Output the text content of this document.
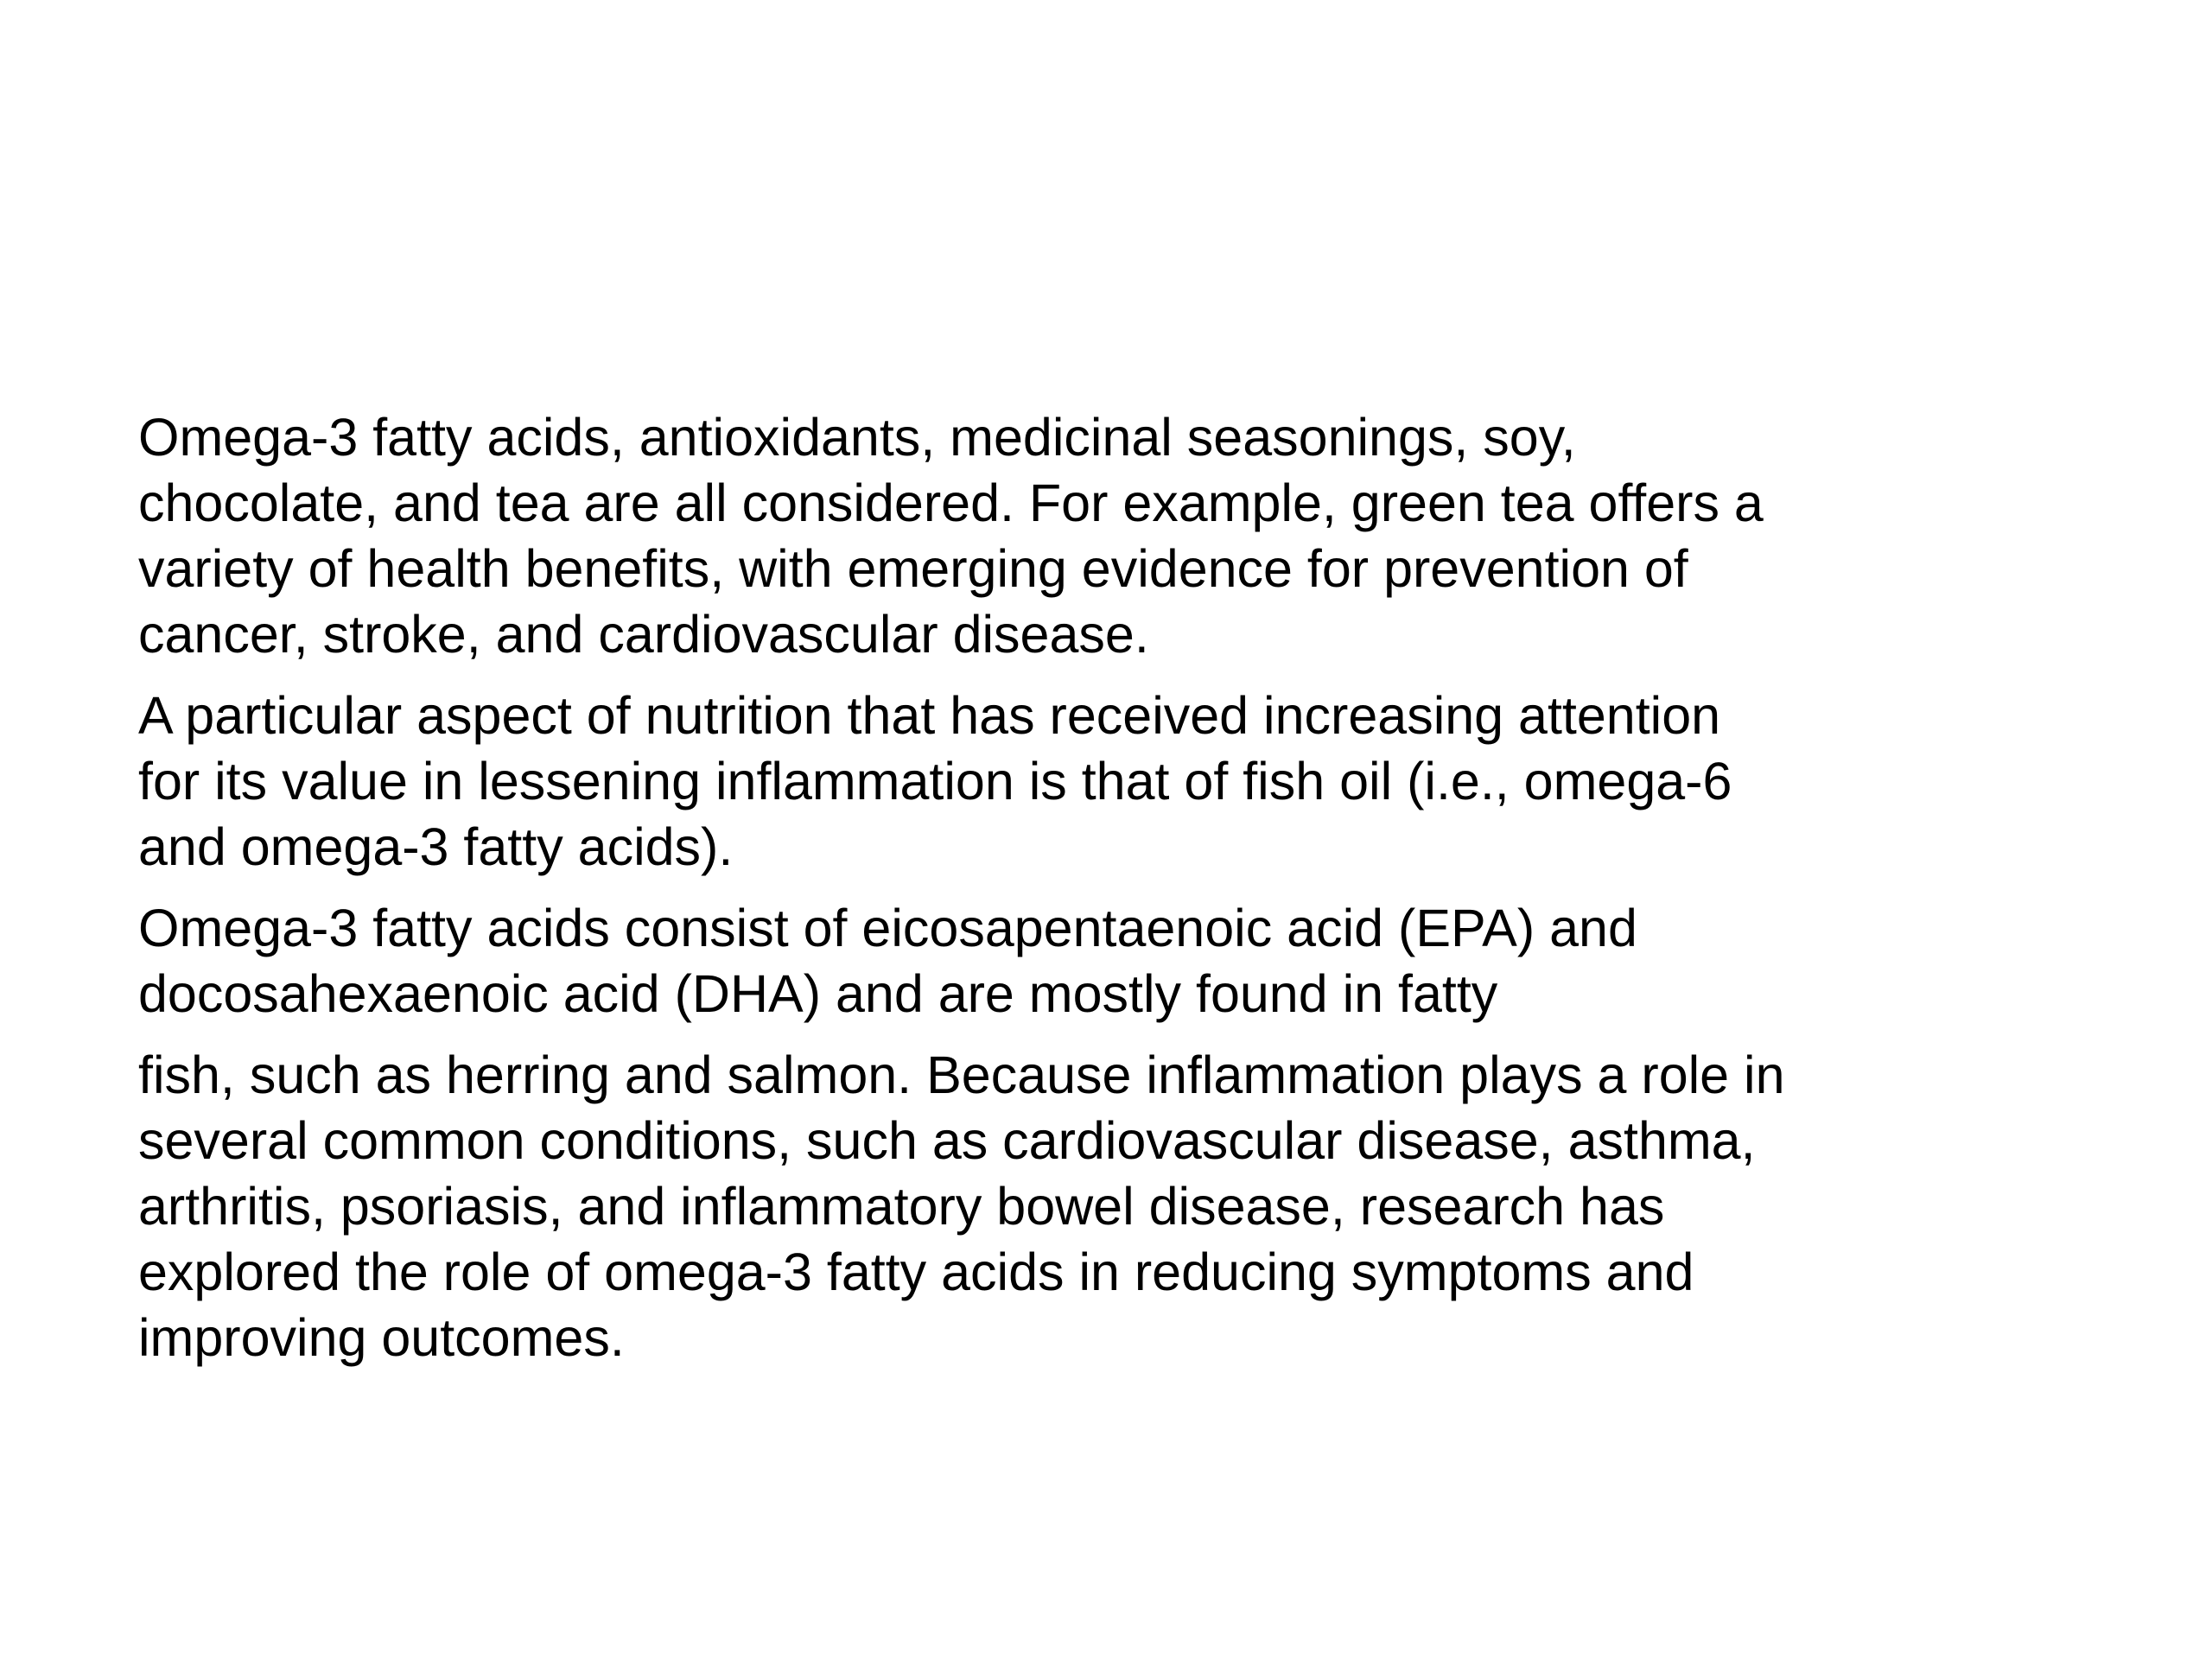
Omega-3 fatty acids, antioxidants, medicinal seasonings, soy,
chocolate, and tea are all considered. For example, green tea offers a
variety of health benefits, with emerging evidence for prevention of
cancer, stroke, and cardiovascular disease.

A particular aspect of nutrition that has received increasing attention
for its value in lessening inflammation is that of fish oil (i.e., omega-6
and omega-3 fatty acids).

Omega-3 fatty acids consist of eicosapentaenoic acid (EPA) and
docosahexaenoic acid (DHA) and are mostly found in fatty

fish, such as herring and salmon. Because inflammation plays a role in
several common conditions, such as cardiovascular disease, asthma,
arthritis, psoriasis, and inflammatory bowel disease, research has
explored the role of omega-3 fatty acids in reducing symptoms and
improving outcomes.
